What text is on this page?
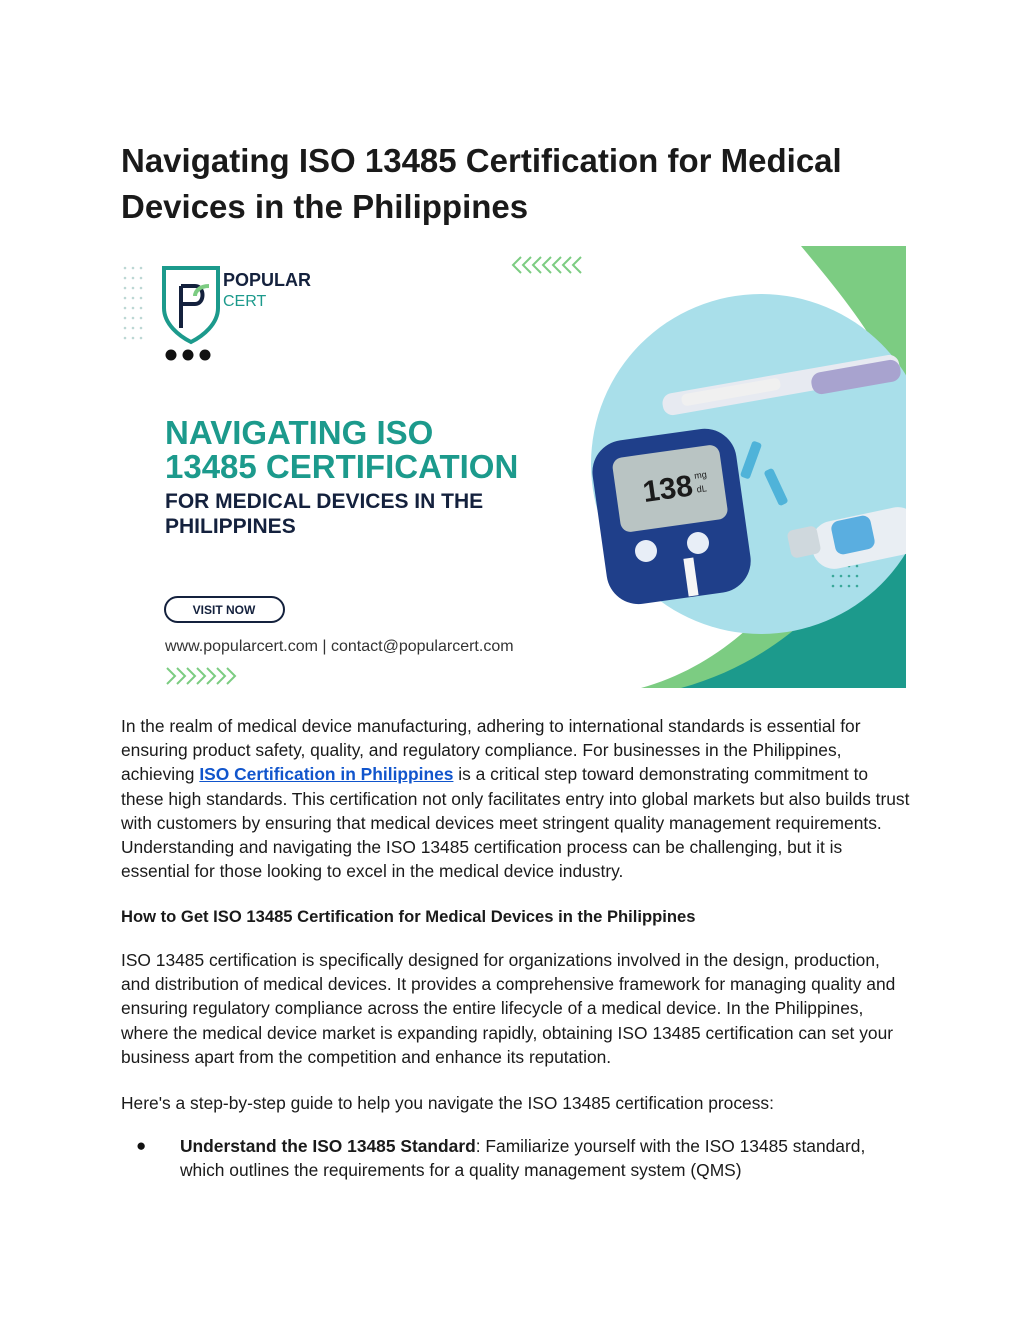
Navigating ISO 13485 Certification for Medical Devices in the Philippines
POPULAR
CERT
NAVIGATING ISO
13485 CERTIFICATION
FOR MEDICAL DEVICES IN THE
PHILIPPINES
VISIT NOW
www.popularcert.com | contact@popularcert.com
138
mg
dL

In the realm of medical device manufacturing, adhering to international standards is essential for ensuring product safety, quality, and regulatory compliance. For businesses in the Philippines, achieving ISO Certification in Philippines is a critical step toward demonstrating commitment to these high standards. This certification not only facilitates entry into global markets but also builds trust with customers by ensuring that medical devices meet stringent quality management requirements. Understanding and navigating the ISO 13485 certification process can be challenging, but it is essential for those looking to excel in the medical device industry.

How to Get ISO 13485 Certification for Medical Devices in the Philippines

ISO 13485 certification is specifically designed for organizations involved in the design, production, and distribution of medical devices. It provides a comprehensive framework for managing quality and ensuring regulatory compliance across the entire lifecycle of a medical device. In the Philippines, where the medical device market is expanding rapidly, obtaining ISO 13485 certification can set your business apart from the competition and enhance its reputation.

Here's a step-by-step guide to help you navigate the ISO 13485 certification process:

● Understand the ISO 13485 Standard: Familiarize yourself with the ISO 13485 standard, which outlines the requirements for a quality management system (QMS)
